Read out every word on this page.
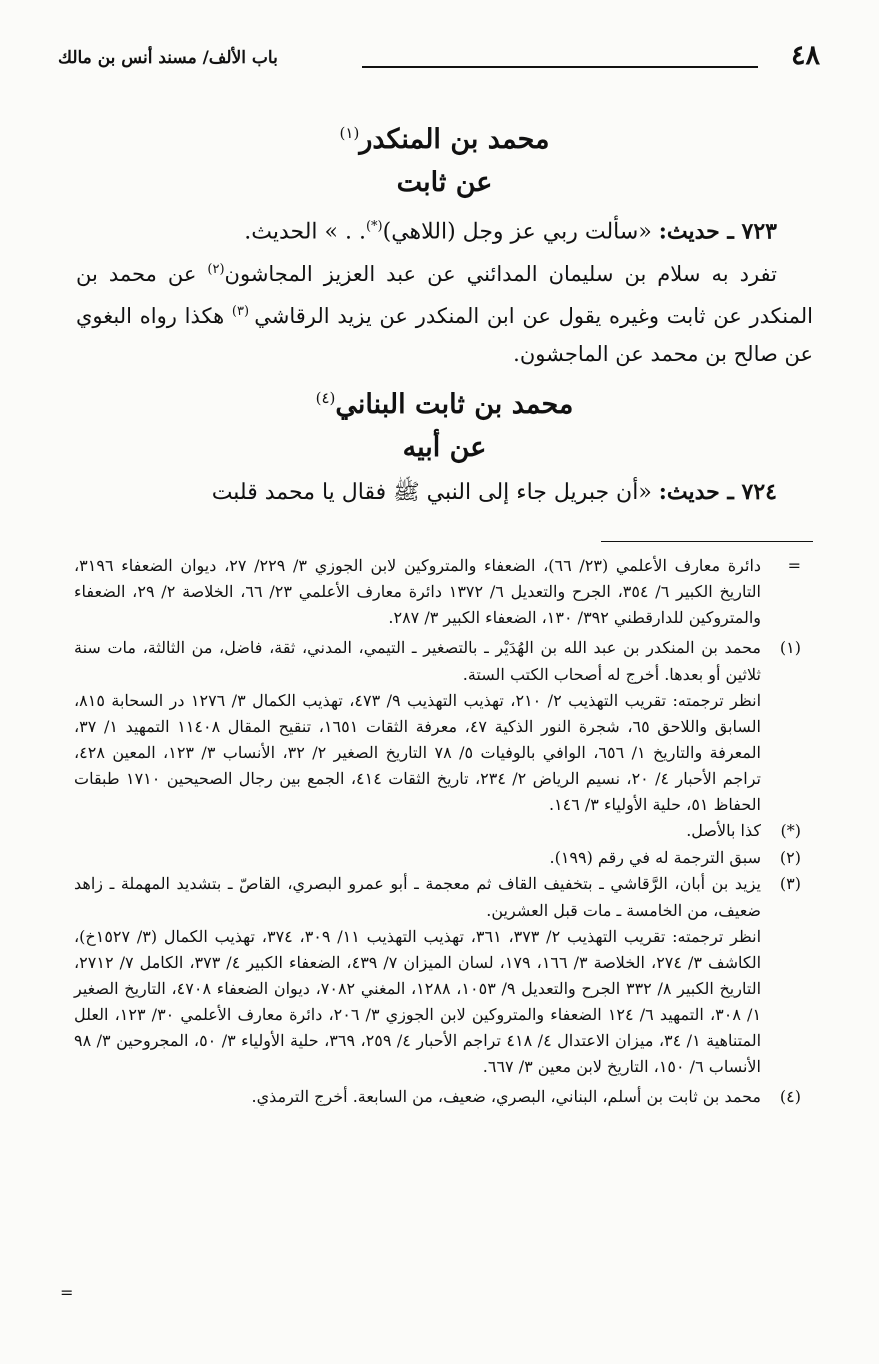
٤٨
باب الألف/ مسند أنس بن مالك

محمد بن المنكدر$^{(١)}$

عن ثابت

٧٢٣ ـ حديث: «سألت ربي عز وجل (اللاهي)(*). . » الحديث.

تفرد به سلام بن سليمان المدائني عن عبد العزيز المجاشون$^{(٢)}$ عن محمد بن المنكدر عن ثابت وغيره يقول عن ابن المنكدر عن يزيد الرقاشي $^{(٣)}$ هكذا رواه البغوي عن صالح بن محمد عن الماجشون.

محمد بن ثابت البناني$^{(٤)}$

عن أبيه

٧٢٤ ـ حديث: «أن جبريل جاء إلى النبي ﷺ فقال يا محمد قلبت

=
دائرة معارف الأعلمي (٢٣/ ٦٦)، الضعفاء والمتروكين لابن الجوزي ٣/ ٢٢٩/ ٢٧، ديوان الضعفاء ٣١٩٦، التاريخ الكبير ٦/ ٣٥٤، الجرح والتعديل ٦/ ١٣٧٢ دائرة معارف الأعلمي ٢٣/ ٦٦، الخلاصة ٢/ ٢٩، الضعفاء والمتروكين للدارقطني ٣٩٢/ ١٣٠، الضعفاء الكبير ٣/ ٢٨٧.

(١)
محمد بن المنكدر بن عبد الله بن الهُدَيْر ـ بالتصغير ـ التيمي، المدني، ثقة، فاضل، من الثالثة، مات سنة ثلاثين أو بعدها. أخرج له أصحاب الكتب الستة.

انظر ترجمته: تقريب التهذيب ٢/ ٢١٠، تهذيب التهذيب ٩/ ٤٧٣، تهذيب الكمال ٣/ ١٢٧٦ در السحابة ٨١٥، السابق واللاحق ٦٥، شجرة النور الذكية ٤٧، معرفة الثقات ١٦٥١، تنقيح المقال ١١٤٠٨ التمهيد ١/ ٣٧، المعرفة والتاريخ ١/ ٦٥٦، الوافي بالوفيات ٥/ ٧٨ التاريخ الصغير ٢/ ٣٢، الأنساب ٣/ ١٢٣، المعين ٤٢٨، تراجم الأحبار ٤/ ٢٠، نسيم الرياض ٢/ ٢٣٤، تاريخ الثقات ٤١٤، الجمع بين رجال الصحيحين ١٧١٠ طبقات الحفاظ ٥١، حلية الأولياء ٣/ ١٤٦.

(*)
كذا بالأصل.

(٢)
سبق الترجمة له في رقم (١٩٩).

(٣)
يزيد بن أبان، الرَّقاشي ـ بتخفيف القاف ثم معجمة ـ أبو عمرو البصري، القاصّ ـ بتشديد المهملة ـ زاهد ضعيف، من الخامسة ـ مات قبل العشرين.

انظر ترجمته: تقريب التهذيب ٢/ ٣٧٣، ٣٦١، تهذيب التهذيب ١١/ ٣٠٩، ٣٧٤، تهذيب الكمال (٣/ ١٥٢٧خ)، الكاشف ٣/ ٢٧٤، الخلاصة ٣/ ١٦٦، ١٧٩، لسان الميزان ٧/ ٤٣٩، الضعفاء الكبير ٤/ ٣٧٣، الكامل ٧/ ٢٧١٢، التاريخ الكبير ٨/ ٣٣٢ الجرح والتعديل ٩/ ١٠٥٣، ١٢٨٨، المغني ٧٠٨٢، ديوان الضعفاء ٤٧٠٨، التاريخ الصغير ١/ ٣٠٨، التمهيد ٦/ ١٢٤ الضعفاء والمتروكين لابن الجوزي ٣/ ٢٠٦، دائرة معارف الأعلمي ٣٠/ ١٢٣، العلل المتناهية ١/ ٣٤، ميزان الاعتدال ٤/ ٤١٨ تراجم الأحبار ٤/ ٢٥٩، ٣٦٩، حلية الأولياء ٣/ ٥٠، المجروحين ٣/ ٩٨ الأنساب ٦/ ١٥٠، التاريخ لابن معين ٣/ ٦٦٧.

(٤)
محمد بن ثابت بن أسلم، البناني، البصري، ضعيف، من السابعة. أخرج الترمذي.

=
